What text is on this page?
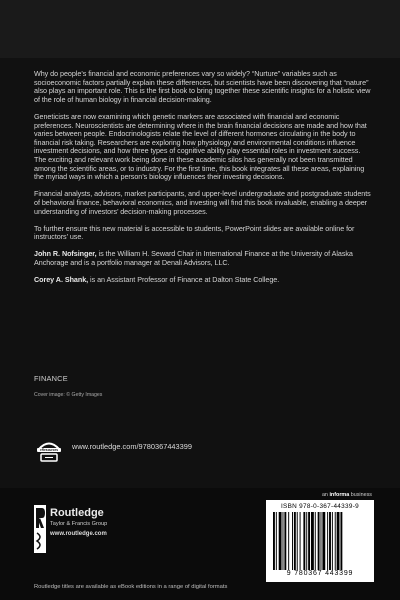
Why do people’s financial and economic preferences vary so widely? “Nurture” variables such as socioeconomic factors partially explain these differences, but scientists have been discovering that “nature” also plays an important role. This is the first book to bring together these scientific insights for a holistic view of the role of human biology in financial decision-making.

Geneticists are now examining which genetic markers are associated with financial and economic preferences. Neuroscientists are determining where in the brain financial decisions are made and how that varies between people. Endocrinologists relate the level of different hormones circulating in the body to financial risk taking. Researchers are exploring how physiology and environmental conditions influence investment decisions, and how three types of cognitive ability play essential roles in investment success. The exciting and relevant work being done in these academic silos has generally not been transmitted among the scientific areas, or to industry. For the first time, this book integrates all these areas, explaining the myriad ways in which a person’s biology influences their investing decisions.

Financial analysts, advisors, market participants, and upper-level undergraduate and postgraduate students of behavioral finance, behavioral economics, and investing will find this book invaluable, enabling a deeper understanding of investors’ decision-making processes.

To further ensure this new material is accessible to students, PowerPoint slides are available online for instructors’ use.

John R. Nofsinger, is the William H. Seward Chair in International Finance at the University of Alaska Anchorage and is a portfolio manager at Denali Advisors, LLC.

Corey A. Shank, is an Assistant Professor of Finance at Dalton State College.

FINANCE
Cover image: © Getty Images
eResources www.routledge.com/9780367443399
Routledge
Taylor & Francis Group
www.routledge.com
an informa business
ISBN 978-0-367-44339-9
9 780367 443399
Routledge titles are available as eBook editions in a range of digital formats
